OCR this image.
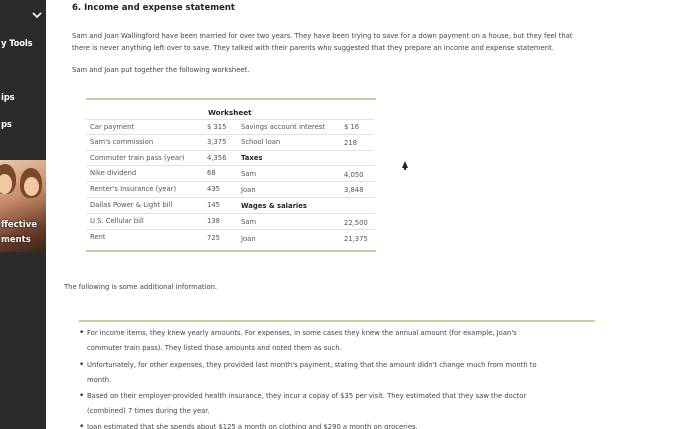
y Tools
ips
ps
ffective
ments
6. Income and expense statement
Sam and Joan Wallingford have been married for over two years. They have been trying to save for a down payment on a house, but they feel that
there is never anything left over to save. They talked with their parents who suggested that they prepare an income and expense statement.
Sam and Joan put together the following worksheet.
Worksheet
Car payment	$ 315 Savings account interest	$ 16
Sam's commission	3,375 School loan	218
Commuter train pass (year)	4,356 Taxes
Nike dividend	68	Sam	4,050
Renter's Insurance (year)	435	Joan	3,848
Dallas Power & Light bill	145	Wages & salaries
U.S. Cellular bill	138	Sam	22,500
Rent	725	Joan	21,375
The following is some additional information.
• For income items, they knew yearly amounts. For expenses, in some cases they knew the annual amount (for example, Joan's
commuter train pass). They listed those amounts and noted them as such.
• Unfortunately, for other expenses, they provided last month's payment, stating that the amount didn't change much from month to
month.
• Based on their employer-provided health insurance, they incur a copay of $35 per visit. They estimated that they saw the doctor
(combined) 7 times during the year.
• Joan estimated that she spends about $125 a month on clothing and $290 a month on groceries.
